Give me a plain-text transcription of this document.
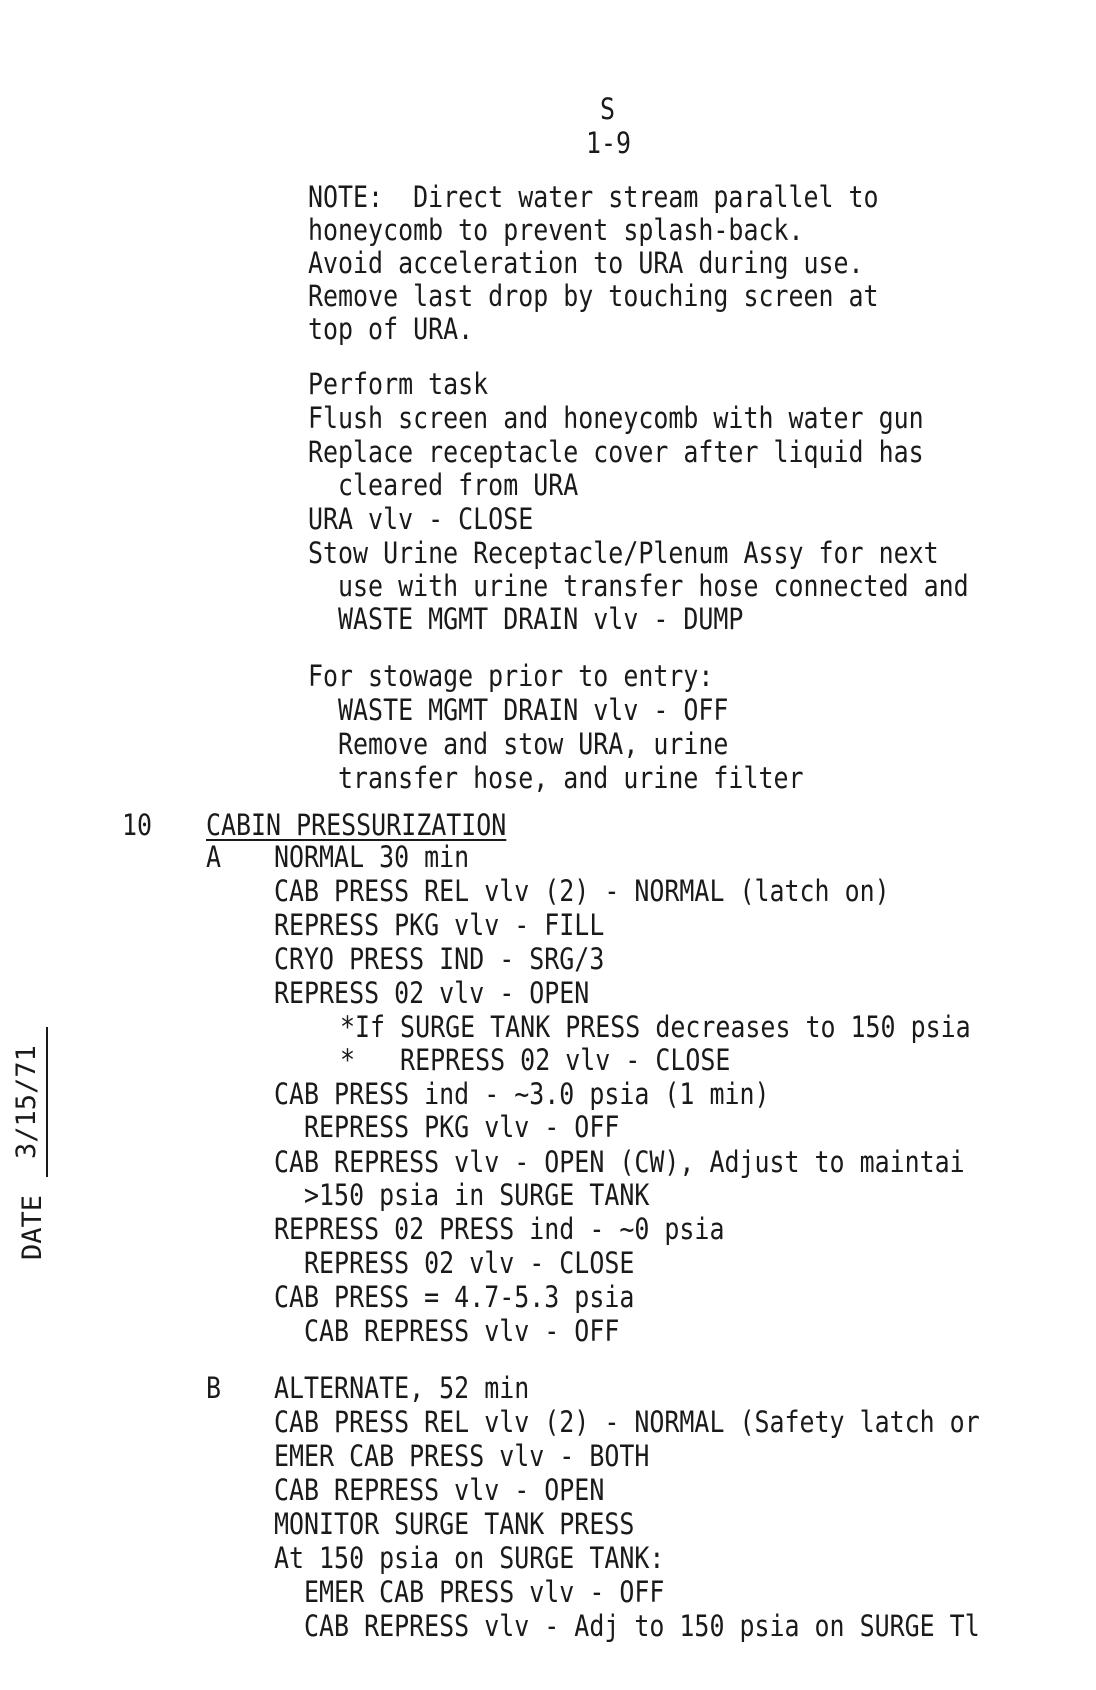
S
1-9
NOTE:  Direct water stream parallel to
honeycomb to prevent splash-back.
Avoid acceleration to URA during use.
Remove last drop by touching screen at
top of URA.
Perform task
Flush screen and honeycomb with water gun
Replace receptacle cover after liquid has
cleared from URA
URA vlv - CLOSE
Stow Urine Receptacle/Plenum Assy for next
use with urine transfer hose connected and
WASTE MGMT DRAIN vlv - DUMP
For stowage prior to entry:
WASTE MGMT DRAIN vlv - OFF
Remove and stow URA, urine
transfer hose, and urine filter
10 CABIN PRESSURIZATION
$\overline{A}$ NORMAL 30 min
CAB PRESS REL vlv (2) - NORMAL (latch on)
REPRESS PKG vlv - FILL
CRYO PRESS IND - SRG/3
REPRESS 02 vlv - OPEN
*If SURGE TANK PRESS decreases to 150 psia
*   REPRESS 02 vlv - CLOSE
CAB PRESS ind - ~3.0 psia (1 min)
REPRESS PKG vlv - OFF
CAB REPRESS vlv - OPEN (CW), Adjust to maintai
>150 psia in SURGE TANK
REPRESS 02 PRESS ind - ~0 psia
REPRESS 02 vlv - CLOSE
CAB PRESS = 4.7-5.3 psia
CAB REPRESS vlv - OFF
B ALTERNATE, 52 min
CAB PRESS REL vlv (2) - NORMAL (Safety latch or
EMER CAB PRESS vlv - BOTH
CAB REPRESS vlv - OPEN
MONITOR SURGE TANK PRESS
At 150 psia on SURGE TANK:
EMER CAB PRESS vlv - OFF
CAB REPRESS vlv - Adj to 150 psia on SURGE Tl
DATE
3/15/71
